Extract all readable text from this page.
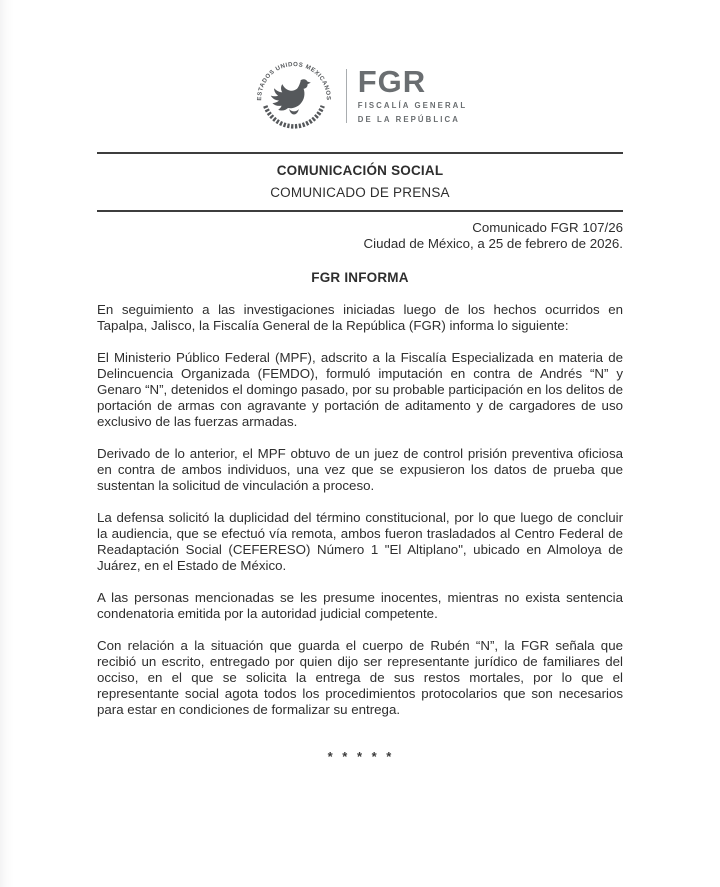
ESTADOS UNIDOS MEXICANOS FGR
FISCALÍA GENERAL
DE LA REPÚBLICA
COMUNICACIÓN SOCIAL
COMUNICADO DE PRENSA
Comunicado FGR 107/26
Ciudad de México, a 25 de febrero de 2026.
FGR INFORMA

En seguimiento a las investigaciones iniciadas luego de los hechos ocurridos en Tapalpa, Jalisco, la Fiscalía General de la República (FGR) informa lo siguiente:

El Ministerio Público Federal (MPF), adscrito a la Fiscalía Especializada en materia de Delincuencia Organizada (FEMDO), formuló imputación en contra de Andrés “N” y Genaro “N”, detenidos el domingo pasado, por su probable participación en los delitos de portación de armas con agravante y portación de aditamento y de cargadores de uso exclusivo de las fuerzas armadas.

Derivado de lo anterior, el MPF obtuvo de un juez de control prisión preventiva oficiosa en contra de ambos individuos, una vez que se expusieron los datos de prueba que sustentan la solicitud de vinculación a proceso.

La defensa solicitó la duplicidad del término constitucional, por lo que luego de concluir la audiencia, que se efectuó vía remota, ambos fueron trasladados al Centro Federal de Readaptación Social (CEFERESO) Número 1 "El Altiplano", ubicado en Almoloya de Juárez, en el Estado de México.

A las personas mencionadas se les presume inocentes, mientras no exista sentencia condenatoria emitida por la autoridad judicial competente.

Con relación a la situación que guarda el cuerpo de Rubén “N”, la FGR señala que recibió un escrito, entregado por quien dijo ser representante jurídico de familiares del occiso, en el que se solicita la entrega de sus restos mortales, por lo que el representante social agota todos los procedimientos protocolarios que son necesarios para estar en condiciones de formalizar su entrega.

* * * * *
